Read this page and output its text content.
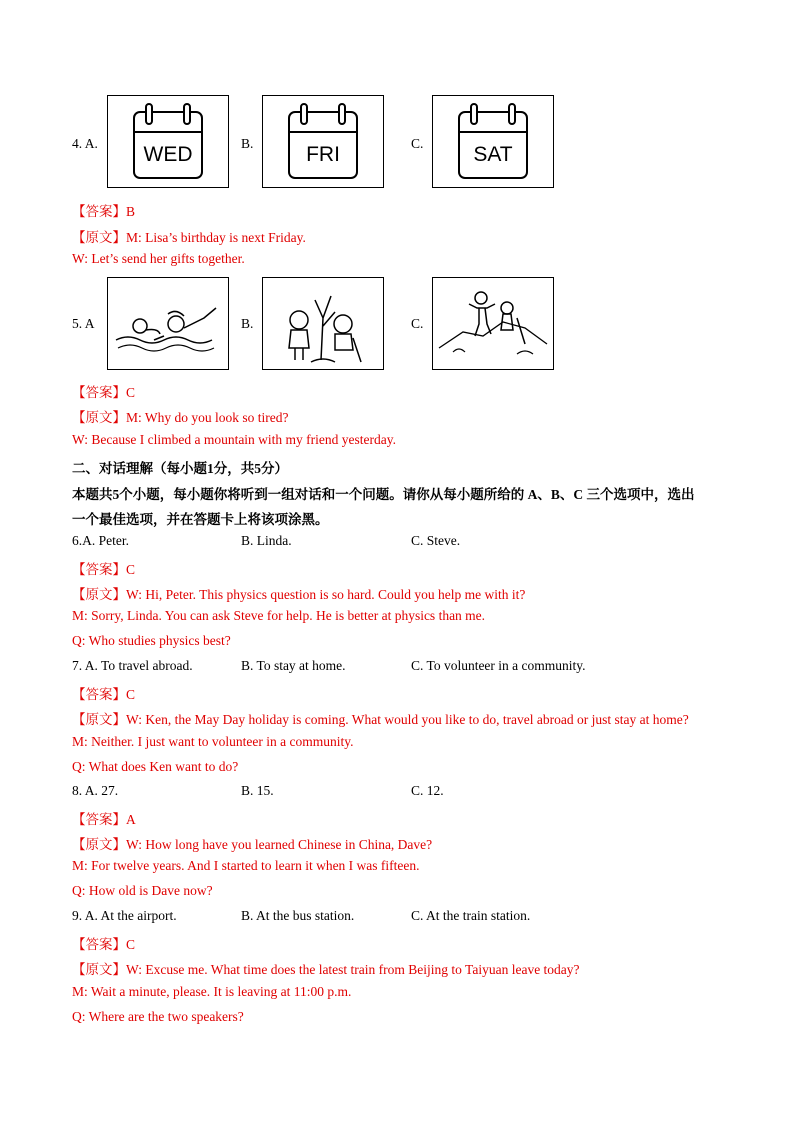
4. A.	WED	B.	FRI	C.	SAT
【答案】B
【原文】M: Lisa’s birthday is next Friday.
W: Let’s send her gifts together.
5. A	B.	C.
【答案】C
【原文】M: Why do you look so tired?
W: Because I climbed a mountain with my friend yesterday.
二、对话理解（每小题1分，共5分）
本题共5个小题，每小题你将听到一组对话和一个问题。请你从每小题所给的 A、B、C 三个选项中，选出
一个最佳选项，并在答题卡上将该项涂黑。
6.A. Peter.	B. Linda.	C. Steve.
【答案】C
【原文】W: Hi, Peter. This physics question is so hard. Could you help me with it?
M: Sorry, Linda. You can ask Steve for help. He is better at physics than me.
Q: Who studies physics best?
7. A. To travel abroad.	B. To stay at home.	C. To volunteer in a community.
【答案】C
【原文】W: Ken, the May Day holiday is coming. What would you like to do, travel abroad or just stay at home?
M: Neither. I just want to volunteer in a community.
Q: What does Ken want to do?
8. A. 27.	B. 15.	C. 12.
【答案】A
【原文】W: How long have you learned Chinese in China, Dave?
M: For twelve years. And I started to learn it when I was fifteen.
Q: How old is Dave now?
9. A. At the airport.	B. At the bus station.	C. At the train station.
【答案】C
【原文】W: Excuse me. What time does the latest train from Beijing to Taiyuan leave today?
M: Wait a minute, please. It is leaving at 11:00 p.m.
Q: Where are the two speakers?
